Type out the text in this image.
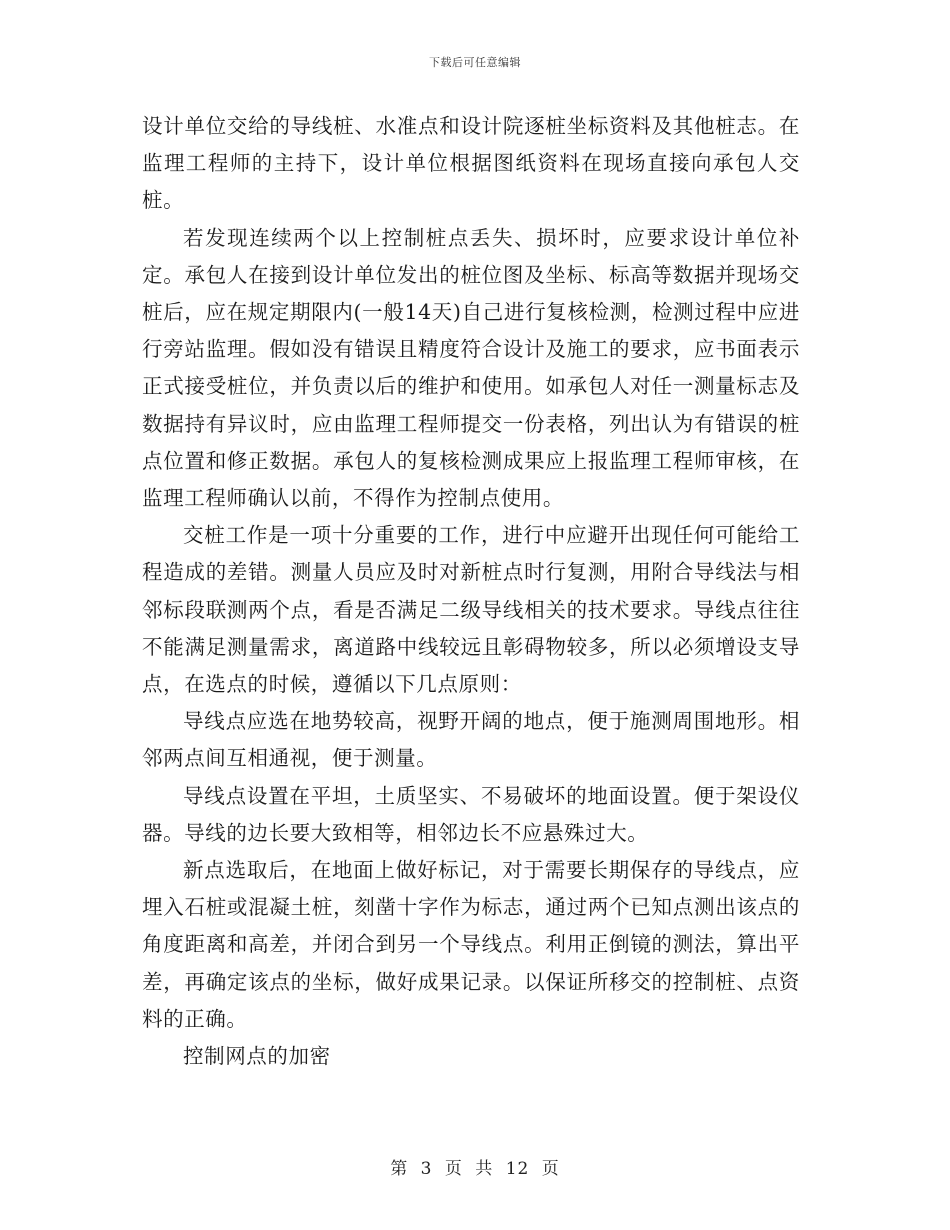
下载后可任意编辑

设计单位交给的导线桩、水准点和设计院逐桩坐标资料及其他桩志。在监理工程师的主持下，设计单位根据图纸资料在现场直接向承包人交桩。

若发现连续两个以上控制桩点丢失、损坏时，应要求设计单位补定。承包人在接到设计单位发出的桩位图及坐标、标高等数据并现场交桩后，应在规定期限内(一般14天)自己进行复核检测，检测过程中应进行旁站监理。假如没有错误且精度符合设计及施工的要求，应书面表示正式接受桩位，并负责以后的维护和使用。如承包人对任一测量标志及数据持有异议时，应由监理工程师提交一份表格，列出认为有错误的桩点位置和修正数据。承包人的复核检测成果应上报监理工程师审核，在监理工程师确认以前，不得作为控制点使用。

交桩工作是一项十分重要的工作，进行中应避开出现任何可能给工程造成的差错。测量人员应及时对新桩点时行复测，用附合导线法与相邻标段联测两个点，看是否满足二级导线相关的技术要求。导线点往往不能满足测量需求，离道路中线较远且彰碍物较多，所以必须增设支导点，在选点的时候，遵循以下几点原则：

导线点应选在地势较高，视野开阔的地点，便于施测周围地形。相邻两点间互相通视，便于测量。

导线点设置在平坦，土质坚实、不易破坏的地面设置。便于架设仪器。导线的边长要大致相等，相邻边长不应悬殊过大。

新点选取后，在地面上做好标记，对于需要长期保存的导线点，应埋入石桩或混凝土桩，刻凿十字作为标志，通过两个已知点测出该点的角度距离和高差，并闭合到另一个导线点。利用正倒镜的测法，算出平差，再确定该点的坐标，做好成果记录。以保证所移交的控制桩、点资料的正确。

控制网点的加密

第 3 页 共 12 页
